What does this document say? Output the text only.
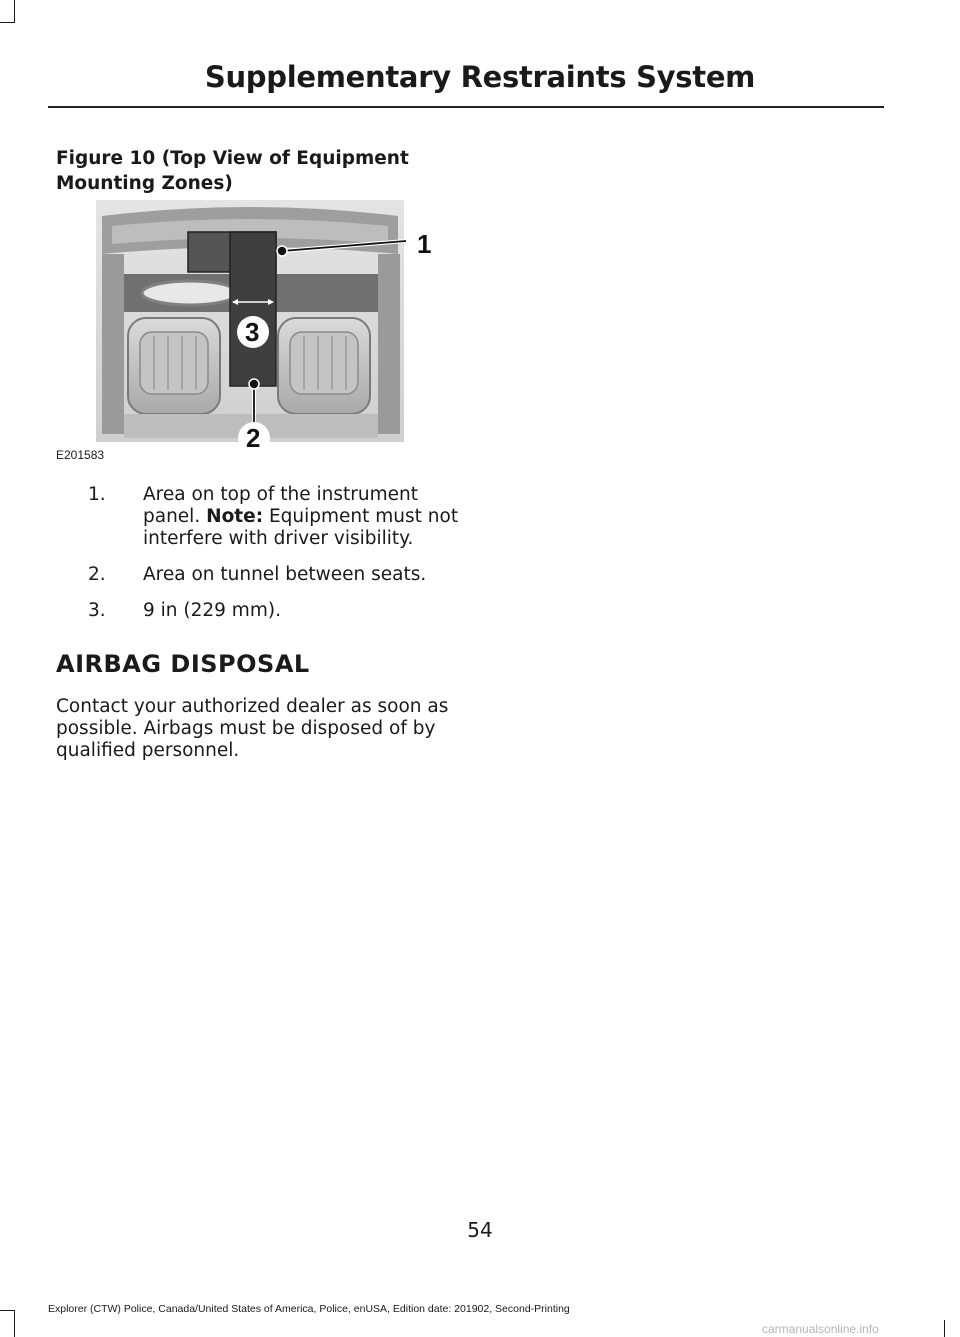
Supplementary Restraints System
Figure 10 (Top View of Equipment Mounting Zones)
1
2
3
E201583
1.	Area on top of the instrument panel. Note: Equipment must not interfere with driver visibility.
2.	Area on tunnel between seats.
3.	9 in (229 mm).
AIRBAG DISPOSAL
Contact your authorized dealer as soon as possible. Airbags must be disposed of by qualified personnel.
54
Explorer (CTW) Police, Canada/United States of America, Police, enUSA, Edition date: 201902, Second-Printing
carmanualsonline.info
